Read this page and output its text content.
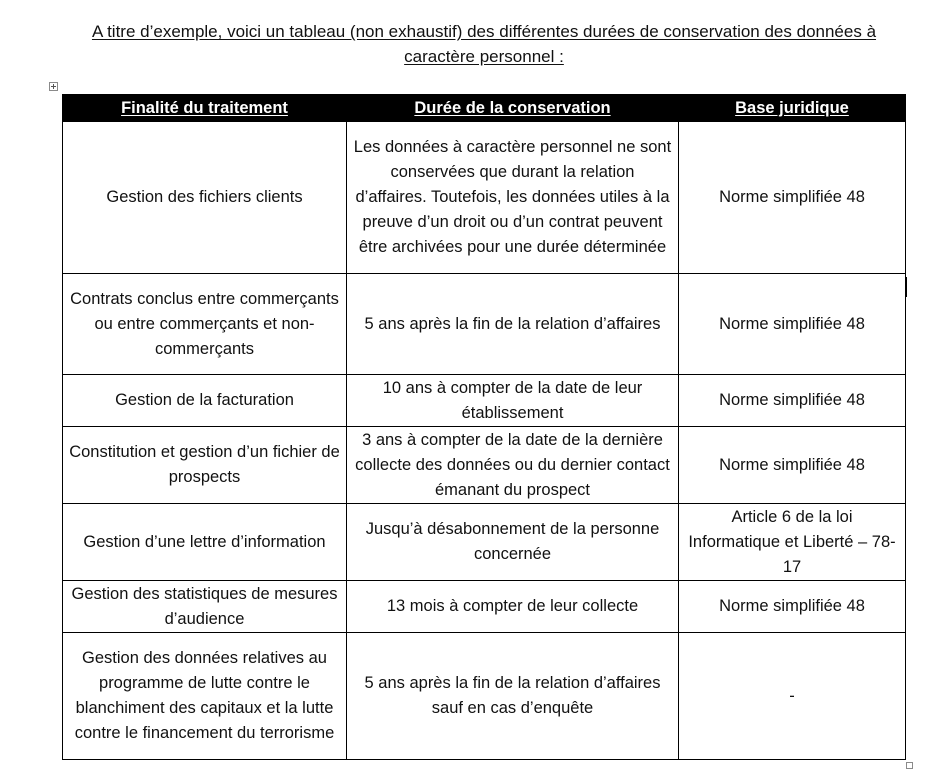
A titre d’exemple, voici un tableau (non exhaustif) des différentes durées de conservation des données à caractère personnel :
Finalité du traitement	Durée de la conservation	Base juridique
Gestion des fichiers clients	Les données à caractère personnel ne sont conservées que durant la relation d’affaires. Toutefois, les données utiles à la preuve d’un droit ou d’un contrat peuvent être archivées pour une durée déterminée	Norme simplifiée 48
Contrats conclus entre commerçants ou entre commerçants et non-commerçants	5 ans après la fin de la relation d’affaires	Norme simplifiée 48
Gestion de la facturation	10 ans à compter de la date de leur établissement	Norme simplifiée 48
Constitution et gestion d’un fichier de prospects	3 ans à compter de la date de la dernière collecte des données ou du dernier contact émanant du prospect	Norme simplifiée 48
Gestion d’une lettre d’information	Jusqu’à désabonnement de la personne concernée	Article 6 de la loi Informatique et Liberté – 78-17
Gestion des statistiques de mesures d’audience	13 mois à compter de leur collecte	Norme simplifiée 48
Gestion des données relatives au programme de lutte contre le blanchiment des capitaux et la lutte contre le financement du terrorisme	5 ans après la fin de la relation d’affaires sauf en cas d’enquête	-
